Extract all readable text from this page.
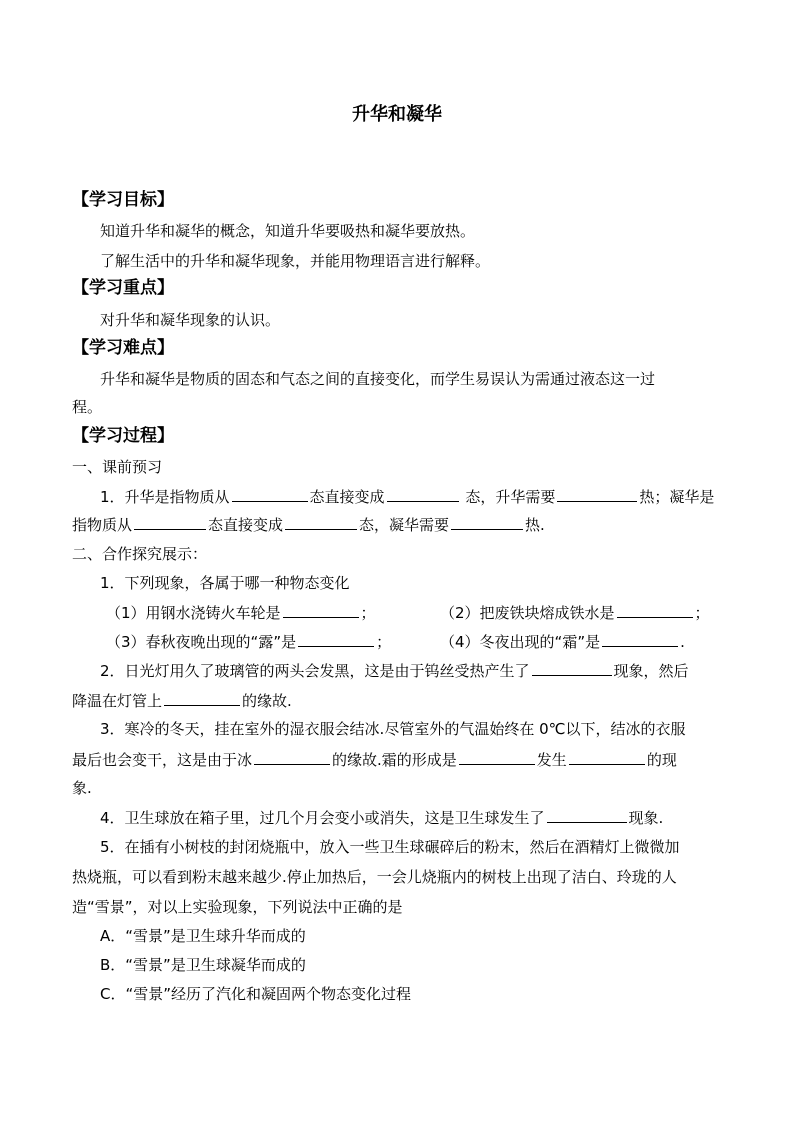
升华和凝华
【学习目标】
知道升华和凝华的概念，知道升华要吸热和凝华要放热。
了解生活中的升华和凝华现象，并能用物理语言进行解释。
【学习重点】
对升华和凝华现象的认识。
【学习难点】
升华和凝华是物质的固态和气态之间的直接变化，而学生易误认为需通过液态这一过
程。
【学习过程】
一、课前预习
1．升华是指物质从	态直接变成	态，升华需要	热；凝华是
指物质从	态直接变成	态，凝华需要	热.
二、合作探究展示：
1．下列现象，各属于哪一种物态变化
（1）用钢水浇铸火车轮是	；	（2）把废铁块熔成铁水是	；
（3）春秋夜晚出现的“露”是	；	（4）冬夜出现的“霜”是	.
2．日光灯用久了玻璃管的两头会发黑，这是由于钨丝受热产生了	现象，然后
降温在灯管上	的缘故.
3．寒冷的冬天，挂在室外的湿衣服会结冰.尽管室外的气温始终在 0℃以下，结冰的衣服
最后也会变干，这是由于冰	的缘故.霜的形成是	发生	的现
象.
4．卫生球放在箱子里，过几个月会变小或消失，这是卫生球发生了	现象.
5．在插有小树枝的封闭烧瓶中，放入一些卫生球碾碎后的粉末，然后在酒精灯上微微加
热烧瓶，可以看到粉末越来越少.停止加热后，一会儿烧瓶内的树枝上出现了洁白、玲珑的人
造“雪景”，对以上实验现象，下列说法中正确的是
A．“雪景”是卫生球升华而成的
B．“雪景”是卫生球凝华而成的
C．“雪景”经历了汽化和凝固两个物态变化过程
